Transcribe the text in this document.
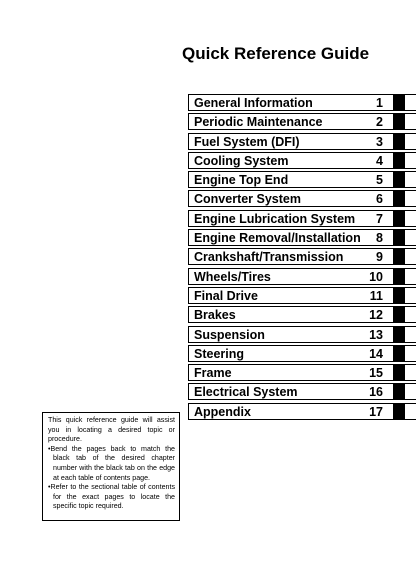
Quick Reference Guide
General Information	1
Periodic Maintenance	2
Fuel System (DFI)	3
Cooling System	4
Engine Top End	5
Converter System	6
Engine Lubrication System 7
Engine Removal/Installation 8
Crankshaft/Transmission	9
Wheels/Tires	10
Final Drive	11
Brakes	12
Suspension	13
Steering	14
Frame	15
Electrical System	16
Appendix	17

This quick reference guide will assist you in locating a desired topic or procedure.

•Bend the pages back to match the black tab of the desired chapter number with the black tab on the edge at each table of contents page.

•Refer to the sectional table of contents for the exact pages to locate the specific topic required.
